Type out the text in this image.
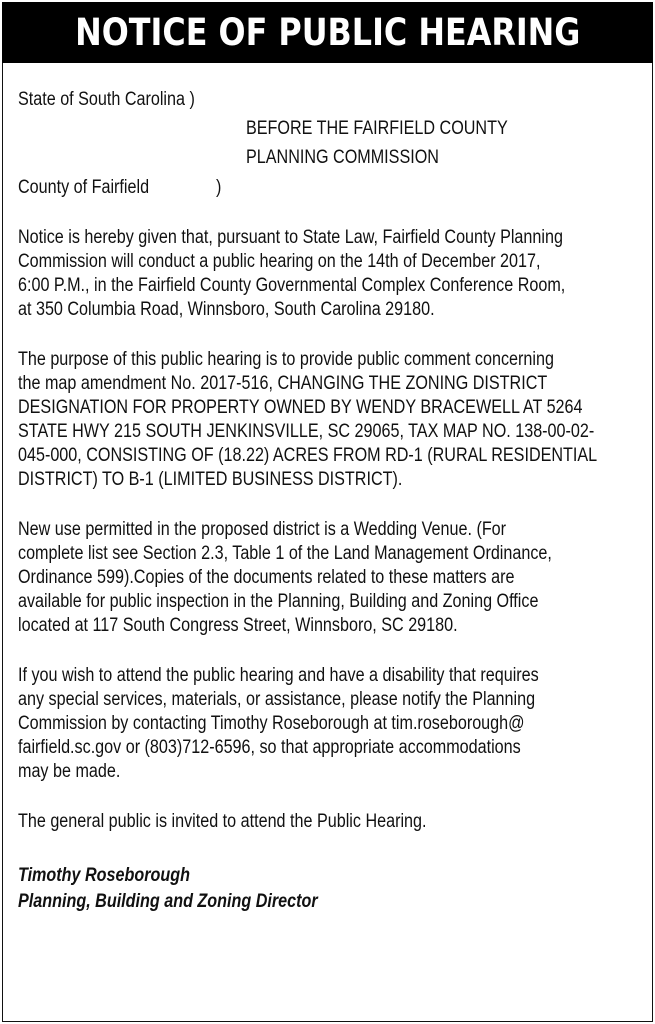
NOTICE OF PUBLIC HEARING
State of South Carolina )
BEFORE THE FAIRFIELD COUNTY
PLANNING COMMISSION
County of Fairfield	)
Notice is hereby given that, pursuant to State Law, Fairfield County Planning
Commission will conduct a public hearing on the 14th of December 2017,
6:00 P.M., in the Fairfield County Governmental Complex Conference Room,
at 350 Columbia Road, Winnsboro, South Carolina 29180.
The purpose of this public hearing is to provide public comment concerning
the map amendment No. 2017-516, CHANGING THE ZONING DISTRICT
DESIGNATION FOR PROPERTY OWNED BY WENDY BRACEWELL AT 5264
STATE HWY 215 SOUTH JENKINSVILLE, SC 29065, TAX MAP NO. 138-00-02-
045-000, CONSISTING OF (18.22) ACRES FROM RD-1 (RURAL RESIDENTIAL
DISTRICT) TO B-1 (LIMITED BUSINESS DISTRICT).
New use permitted in the proposed district is a Wedding Venue. (For
complete list see Section 2.3, Table 1 of the Land Management Ordinance,
Ordinance 599).Copies of the documents related to these matters are
available for public inspection in the Planning, Building and Zoning Office
located at 117 South Congress Street, Winnsboro, SC 29180.
If you wish to attend the public hearing and have a disability that requires
any special services, materials, or assistance, please notify the Planning
Commission by contacting Timothy Roseborough at tim.roseborough@
fairfield.sc.gov or (803)712-6596, so that appropriate accommodations
may be made.
The general public is invited to attend the Public Hearing.
Timothy Roseborough
Planning, Building and Zoning Director
